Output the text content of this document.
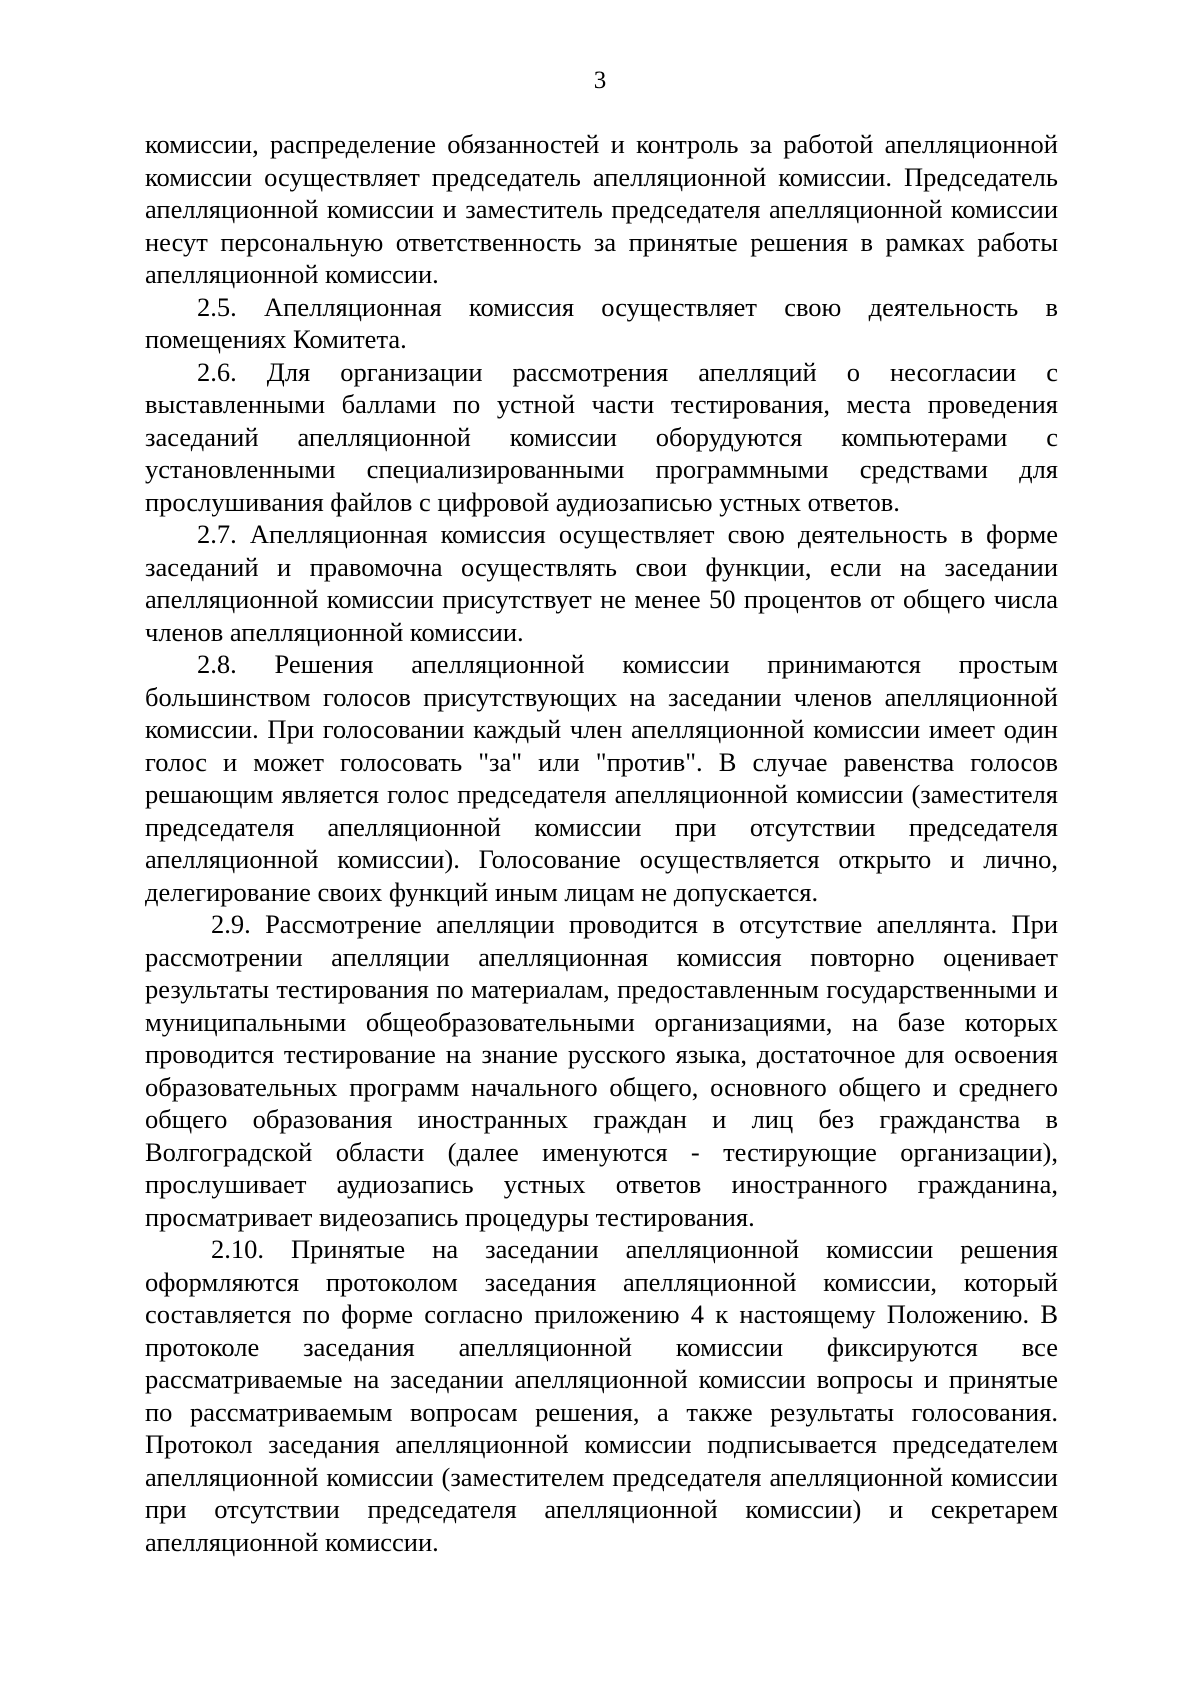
3

комиссии, распределение обязанностей и контроль за работой апелляционной комиссии осуществляет председатель апелляционной комиссии. Председатель апелляционной комиссии и заместитель председателя апелляционной комиссии несут персональную ответственность за принятые решения в рамках работы апелляционной комиссии.

2.5. Апелляционная комиссия осуществляет свою деятельность в помещениях Комитета.

2.6. Для организации рассмотрения апелляций о несогласии с выставленными баллами по устной части тестирования, места проведения заседаний апелляционной комиссии оборудуются компьютерами с установленными специализированными программными средствами для прослушивания файлов с цифровой аудиозаписью устных ответов.

2.7. Апелляционная комиссия осуществляет свою деятельность в форме заседаний и правомочна осуществлять свои функции, если на заседании апелляционной комиссии присутствует не менее 50 процентов от общего числа членов апелляционной комиссии.

2.8. Решения апелляционной комиссии принимаются простым большинством голосов присутствующих на заседании членов апелляционной комиссии. При голосовании каждый член апелляционной комиссии имеет один голос и может голосовать "за" или "против". В случае равенства голосов решающим является голос председателя апелляционной комиссии (заместителя председателя апелляционной комиссии при отсутствии председателя апелляционной комиссии). Голосование осуществляется открыто и лично, делегирование своих функций иным лицам не допускается.

2.9. Рассмотрение апелляции проводится в отсутствие апеллянта. При рассмотрении апелляции апелляционная комиссия повторно оценивает результаты тестирования по материалам, предоставленным государственными и муниципальными общеобразовательными организациями, на базе которых проводится тестирование на знание русского языка, достаточное для освоения образовательных программ начального общего, основного общего и среднего общего образования иностранных граждан и лиц без гражданства в Волгоградской области (далее именуются - тестирующие организации), прослушивает аудиозапись устных ответов иностранного гражданина, просматривает видеозапись процедуры тестирования.

2.10. Принятые на заседании апелляционной комиссии решения оформляются протоколом заседания апелляционной комиссии, который составляется по форме согласно приложению 4 к настоящему Положению. В протоколе заседания апелляционной комиссии фиксируются все рассматриваемые на заседании апелляционной комиссии вопросы и принятые по рассматриваемым вопросам решения, а также результаты голосования. Протокол заседания апелляционной комиссии подписывается председателем апелляционной комиссии (заместителем председателя апелляционной комиссии при отсутствии председателя апелляционной комиссии) и секретарем апелляционной комиссии.
